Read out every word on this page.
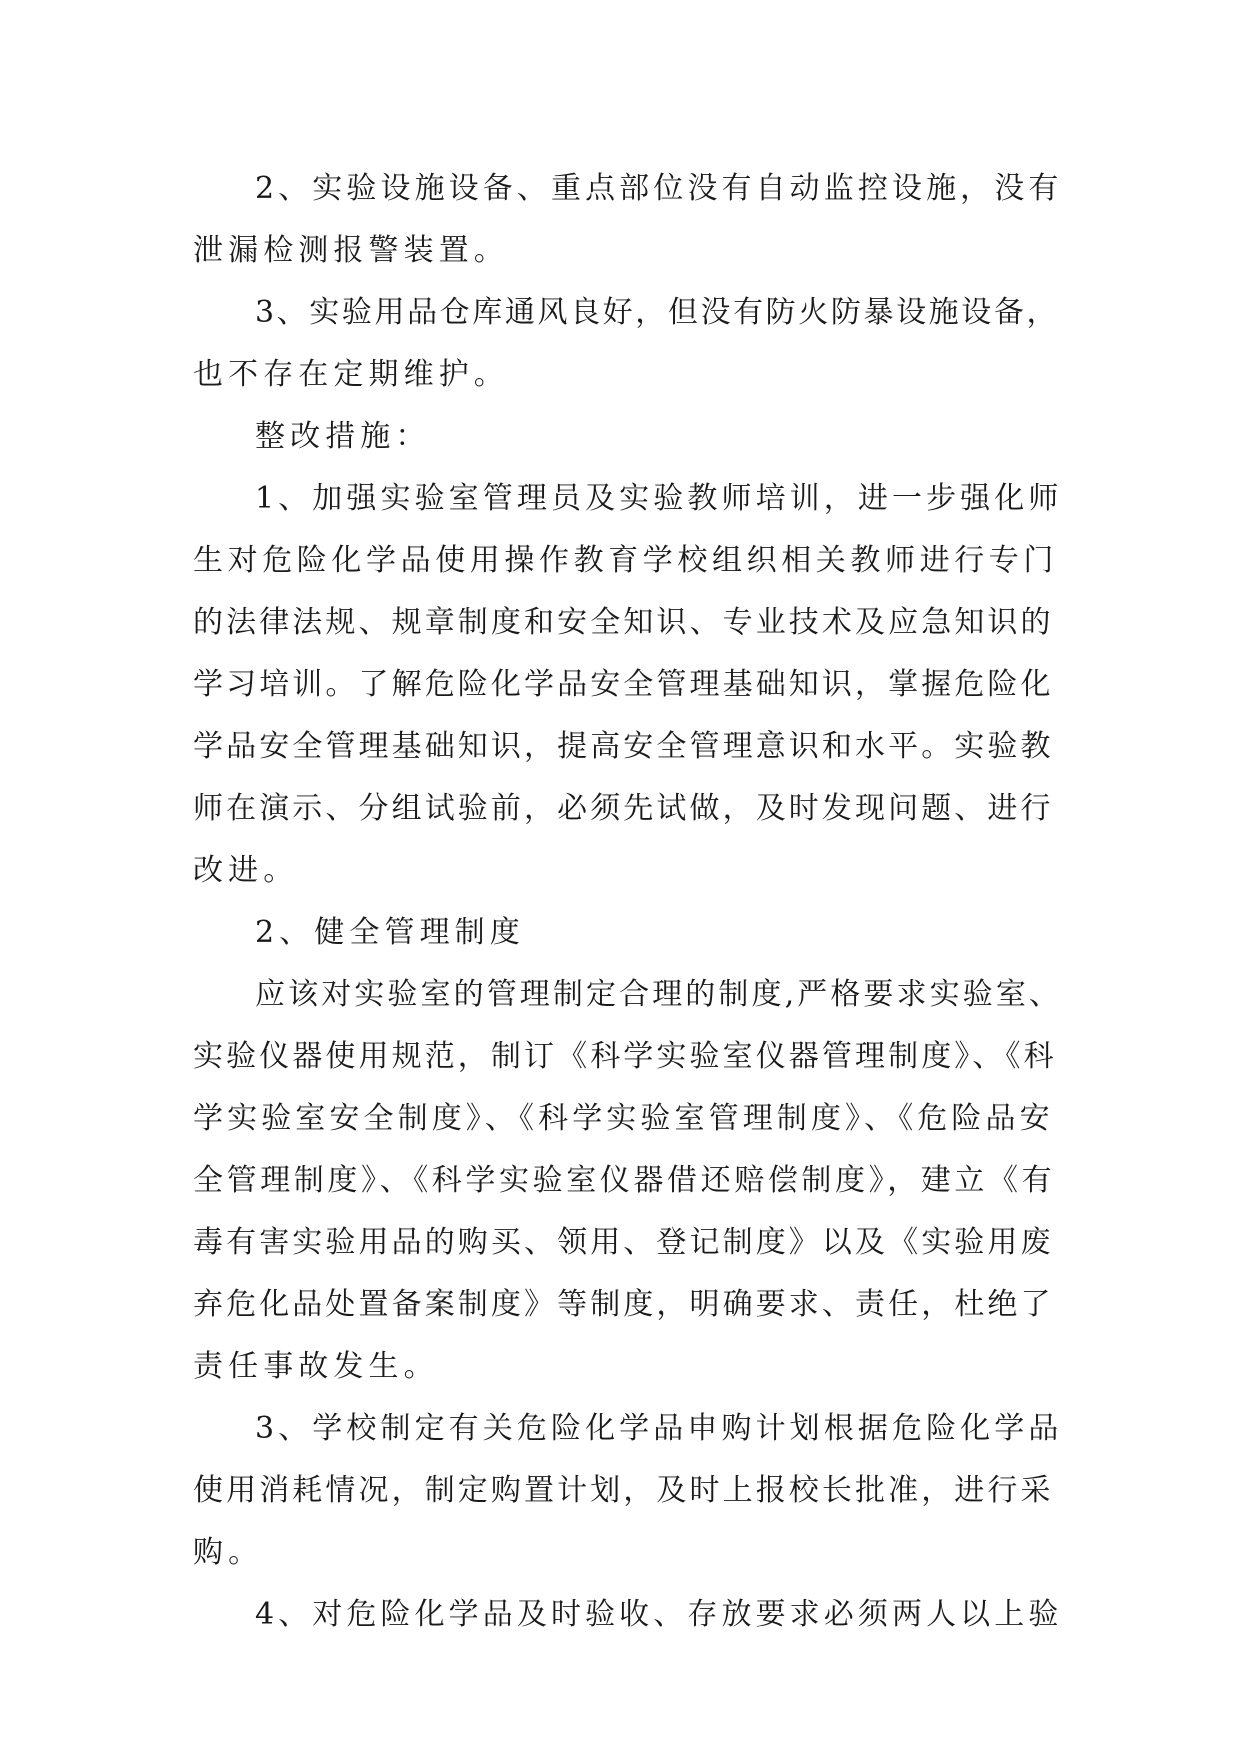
2、实验设施设备、重点部位没有自动监控设施，没有
泄漏检测报警装置。
3、实验用品仓库通风良好，但没有防火防暴设施设备，
也不存在定期维护。
整改措施：
1、加强实验室管理员及实验教师培训，进一步强化师
生对危险化学品使用操作教育学校组织相关教师进行专门
的法律法规、规章制度和安全知识、专业技术及应急知识的
学习培训。了解危险化学品安全管理基础知识，掌握危险化
学品安全管理基础知识，提高安全管理意识和水平。实验教
师在演示、分组试验前，必须先试做，及时发现问题、进行
改进。
2、健全管理制度
应该对实验室的管理制定合理的制度,严格要求实验室、
实验仪器使用规范，制订《科学实验室仪器管理制度》、《科
学实验室安全制度》、《科学实验室管理制度》、《危险品安
全管理制度》、《科学实验室仪器借还赔偿制度》，建立《有
毒有害实验用品的购买、领用、登记制度》以及《实验用废
弃危化品处置备案制度》等制度，明确要求、责任，杜绝了
责任事故发生。
3、学校制定有关危险化学品申购计划根据危险化学品
使用消耗情况，制定购置计划，及时上报校长批准，进行采
购。
4、对危险化学品及时验收、存放要求必须两人以上验
